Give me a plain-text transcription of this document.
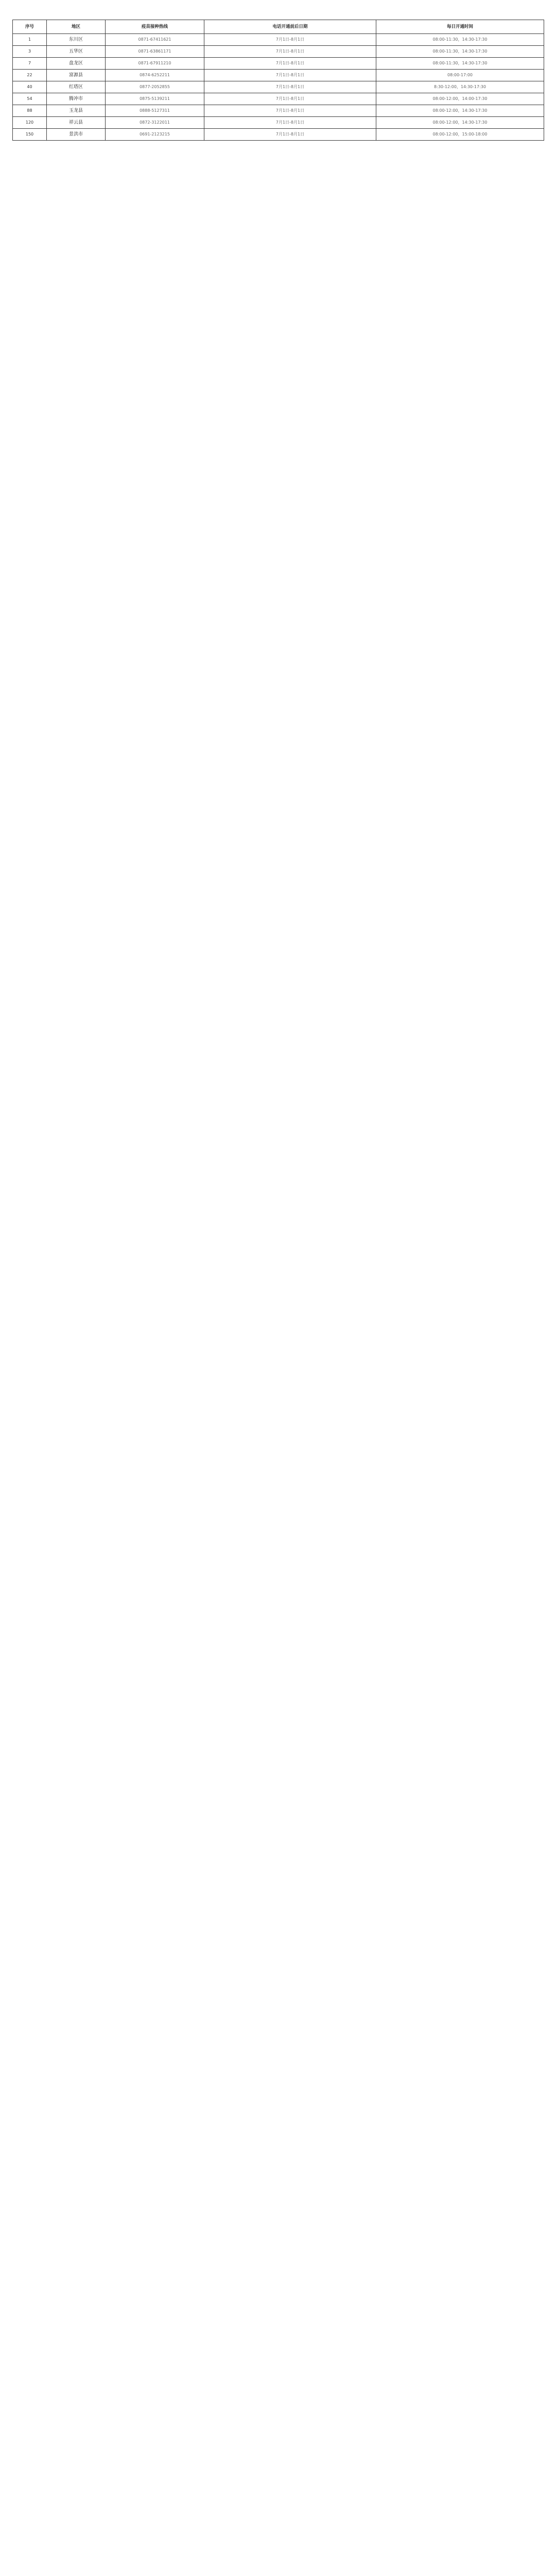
序号	地区	疫苗接种热线	电话开通前后日期	每日开通时间
1	东川区	0871-67411621	7月1日-8月1日	08:00-11:30，14:30-17:30
3	五华区	0871-63861171	7月1日-8月1日	08:00-11:30，14:30-17:30
7	盘龙区	0871-67911210	7月1日-8月1日	08:00-11:30，14:30-17:30
22	富源县	0874-6252211	7月1日-8月1日	08:00-17:00
40	红塔区	0877-2052855	7月1日-8月1日	8:30-12:00，14:30-17:30
54	腾冲市	0875-5139211	7月1日-8月1日	08:00-12:00，14:00-17:30
88	玉龙县	0888-5127311	7月1日-8月1日	08:00-12:00，14:30-17:30
120	祥云县	0872-3122011	7月1日-8月1日	08:00-12:00，14:30-17:30
150	景洪市	0691-2123215	7月1日-8月1日	08:00-12:00，15:00-18:00
